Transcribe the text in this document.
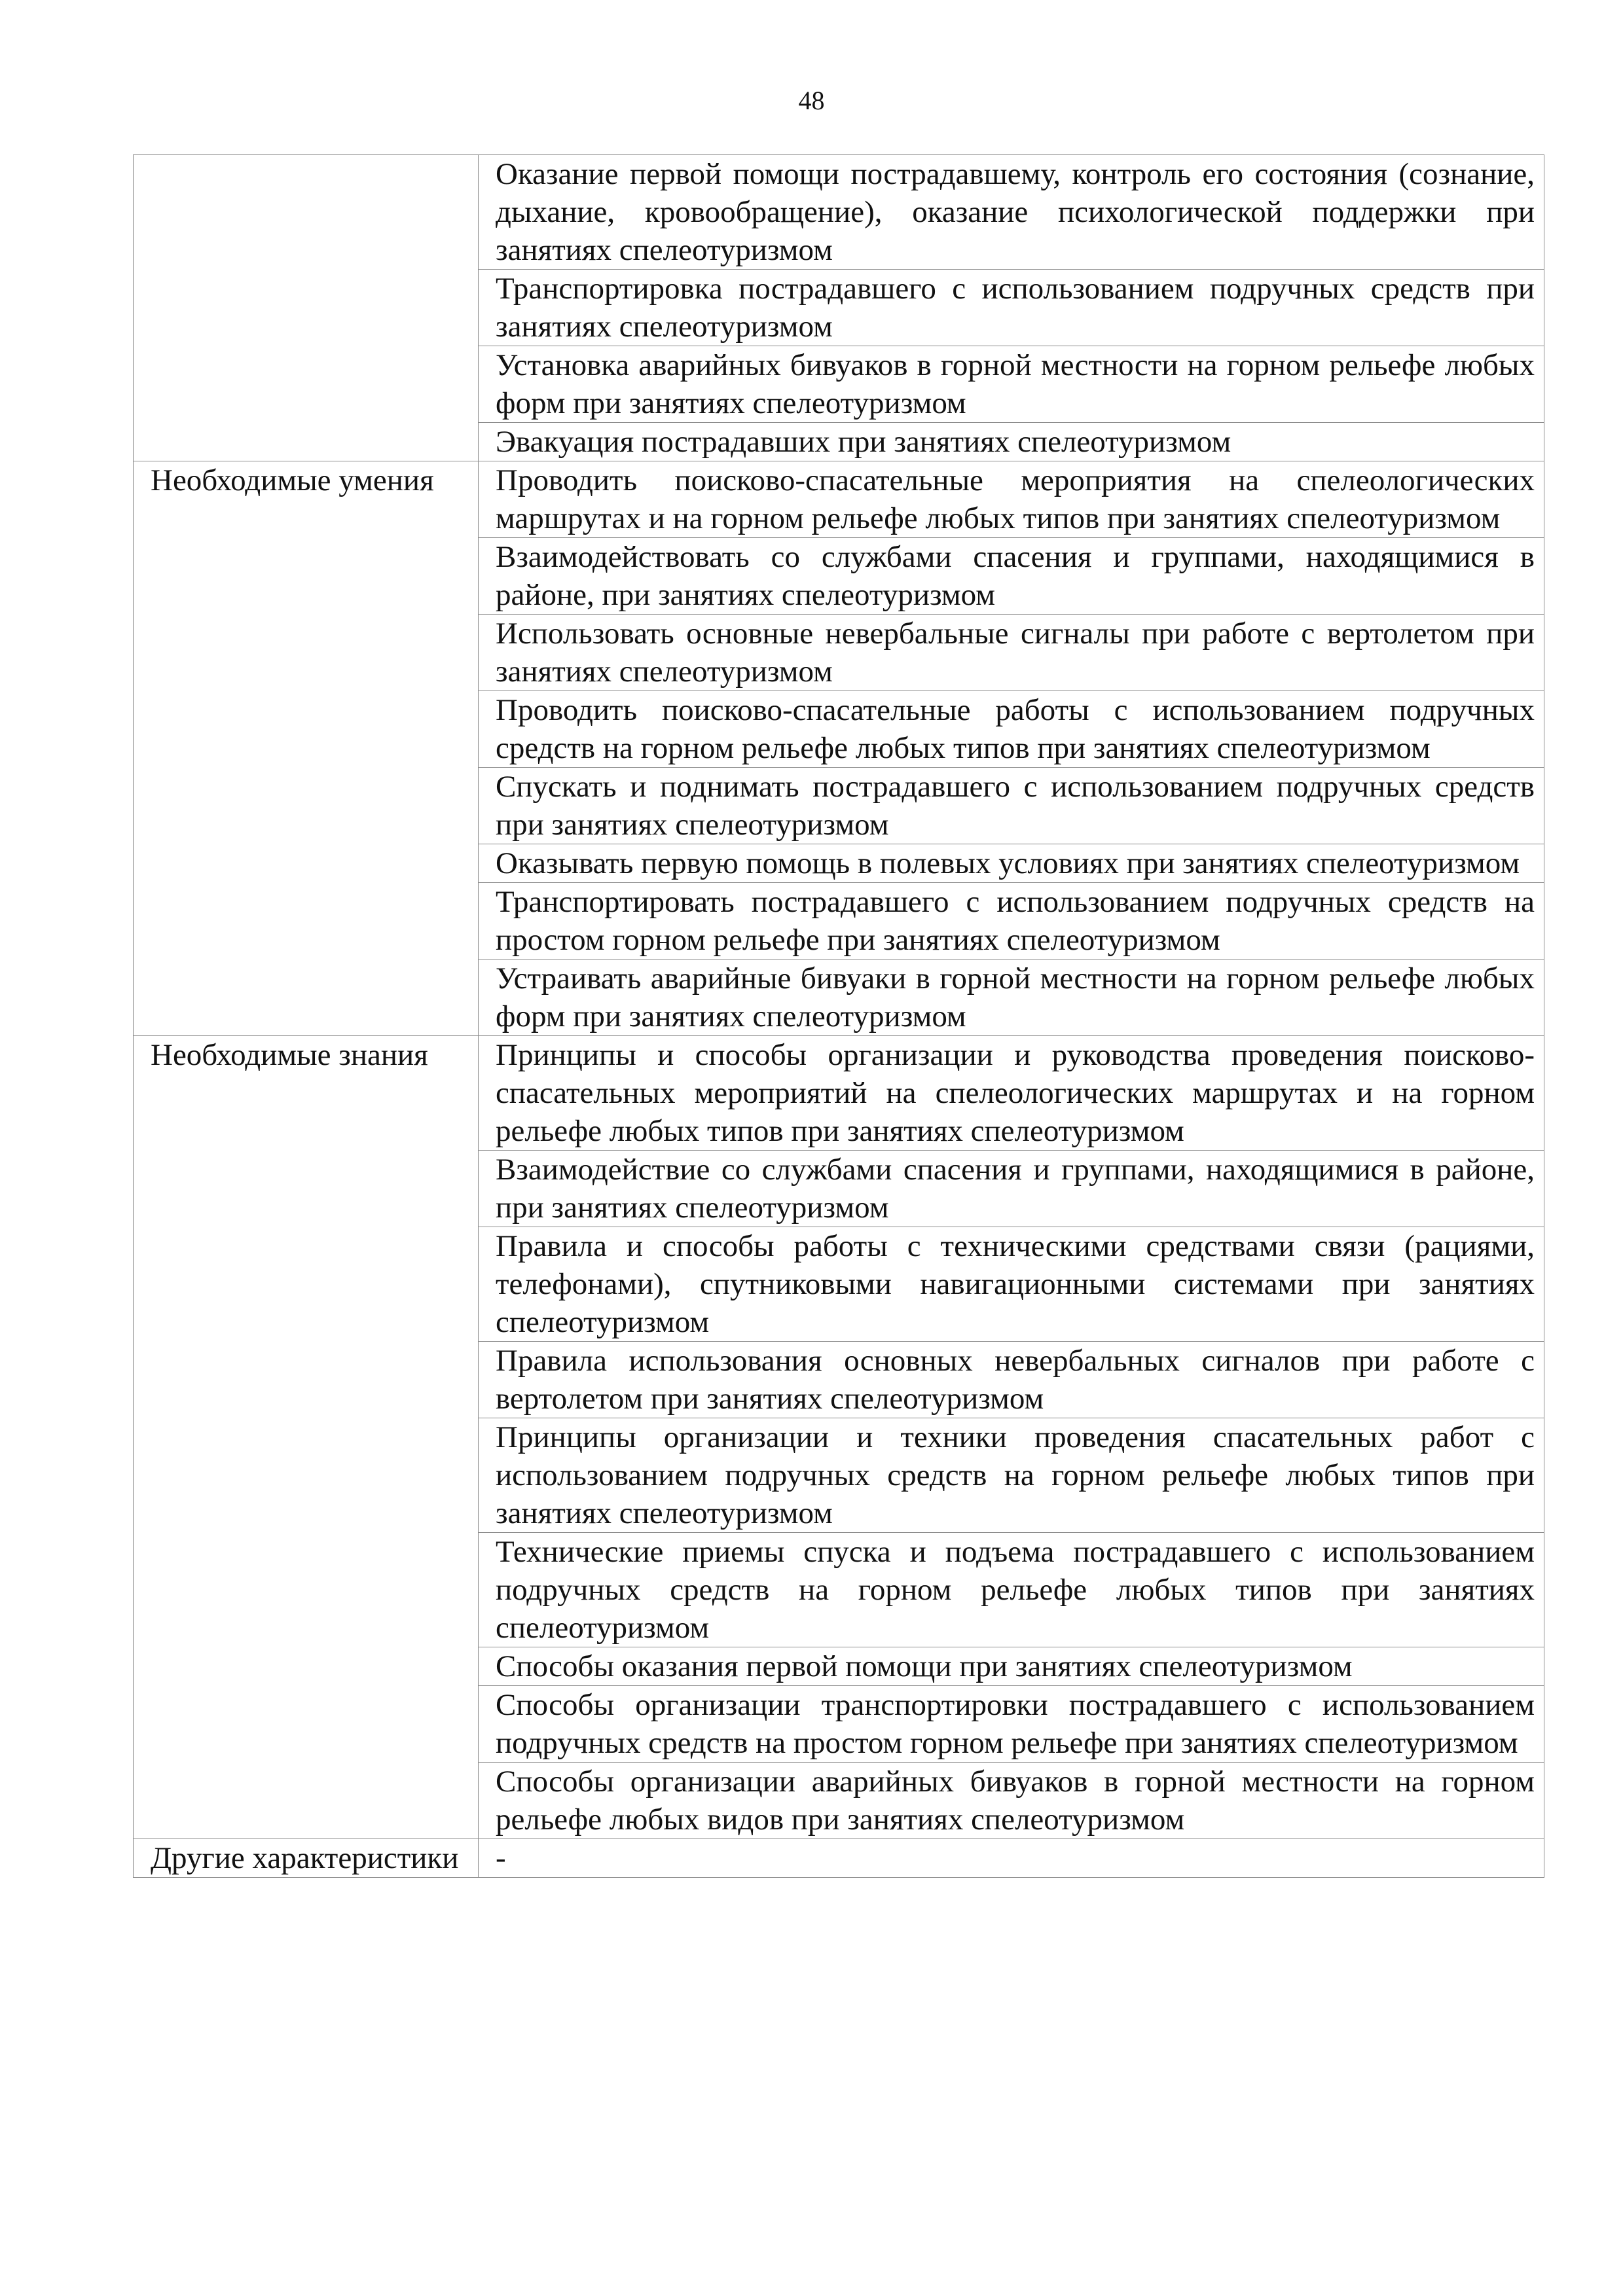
48
	Оказание первой помощи пострадавшему, контроль его состояния (сознание, дыхание, кровообращение), оказание психологической поддержки при занятиях спелеотуризмом
	Транспортировка пострадавшего с использованием подручных средств при занятиях спелеотуризмом
	Установка аварийных бивуаков в горной местности на горном рельефе любых форм при занятиях спелеотуризмом
	Эвакуация пострадавших при занятиях спелеотуризмом
Необходимые умения	Проводить поисково-спасательные мероприятия на спелеологических маршрутах и на горном рельефе любых типов при занятиях спелеотуризмом
	Взаимодействовать со службами спасения и группами, находящимися в районе, при занятиях спелеотуризмом
	Использовать основные невербальные сигналы при работе с вертолетом при занятиях спелеотуризмом
	Проводить поисково-спасательные работы с использованием подручных средств на горном рельефе любых типов при занятиях спелеотуризмом
	Спускать и поднимать пострадавшего с использованием подручных средств при занятиях спелеотуризмом
	Оказывать первую помощь в полевых условиях при занятиях спелеотуризмом
	Транспортировать пострадавшего с использованием подручных средств на простом горном рельефе при занятиях спелеотуризмом
	Устраивать аварийные бивуаки в горной местности на горном рельефе любых форм при занятиях спелеотуризмом
Необходимые знания	Принципы и способы организации и руководства проведения поисково-спасательных мероприятий на спелеологических маршрутах и на горном рельефе любых типов при занятиях спелеотуризмом
	Взаимодействие со службами спасения и группами, находящимися в районе, при занятиях спелеотуризмом
	Правила и способы работы с техническими средствами связи (рациями, телефонами), спутниковыми навигационными системами при занятиях спелеотуризмом
	Правила использования основных невербальных сигналов при работе с вертолетом при занятиях спелеотуризмом
	Принципы организации и техники проведения спасательных работ с использованием подручных средств на горном рельефе любых типов при занятиях спелеотуризмом
	Технические приемы спуска и подъема пострадавшего с использованием подручных средств на горном рельефе любых типов при занятиях спелеотуризмом
	Способы оказания первой помощи при занятиях спелеотуризмом
	Способы организации транспортировки пострадавшего с использованием подручных средств на простом горном рельефе при занятиях спелеотуризмом
	Способы организации аварийных бивуаков в горной местности на горном рельефе любых видов при занятиях спелеотуризмом
Другие характеристики	-
